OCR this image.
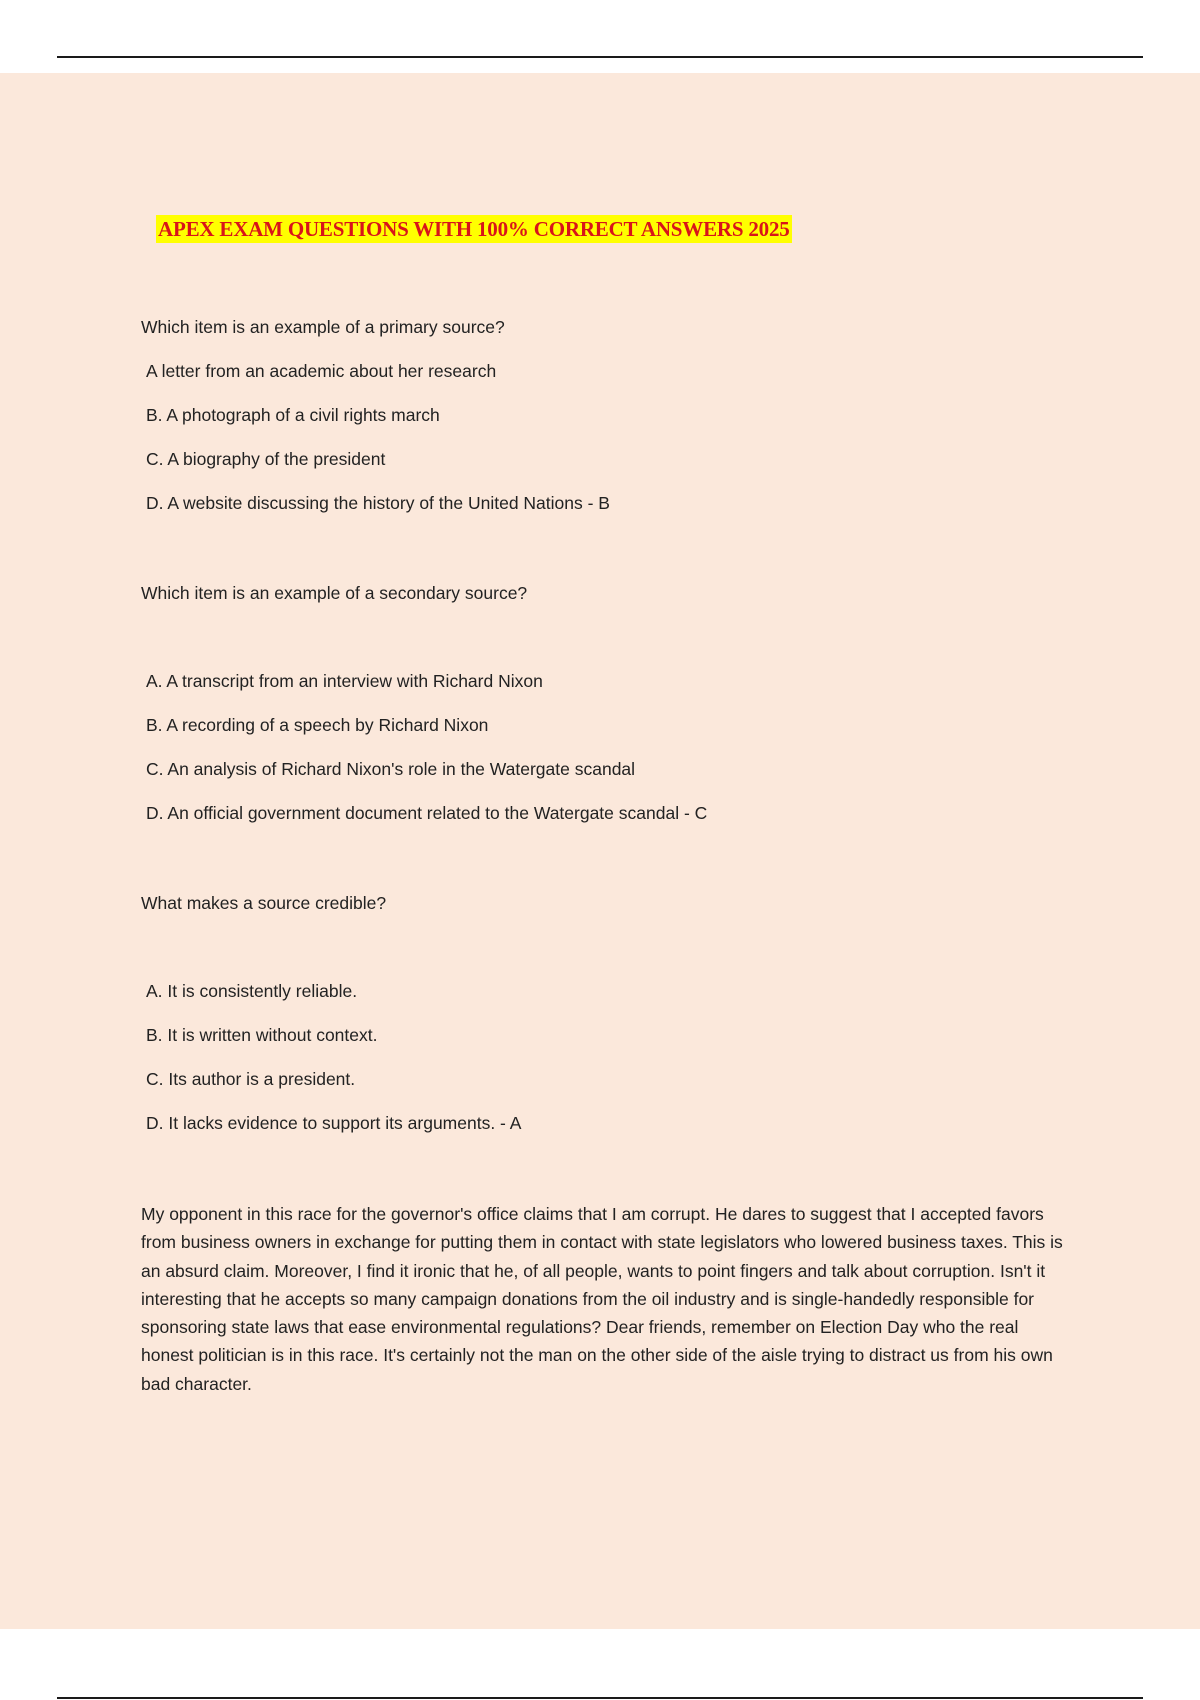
APEX EXAM QUESTIONS WITH 100% CORRECT ANSWERS 2025

Which item is an example of a primary source?

A letter from an academic about her research

B. A photograph of a civil rights march

C. A biography of the president

D. A website discussing the history of the United Nations - B

Which item is an example of a secondary source?

A. A transcript from an interview with Richard Nixon

B. A recording of a speech by Richard Nixon

C. An analysis of Richard Nixon's role in the Watergate scandal

D. An official government document related to the Watergate scandal - C

What makes a source credible?

A. It is consistently reliable.

B. It is written without context.

C. Its author is a president.

D. It lacks evidence to support its arguments. - A

My opponent in this race for the governor's office claims that I am corrupt. He dares to suggest that I accepted favors from business owners in exchange for putting them in contact with state legislators who lowered business taxes. This is an absurd claim. Moreover, I find it ironic that he, of all people, wants to point fingers and talk about corruption. Isn't it interesting that he accepts so many campaign donations from the oil industry and is single-handedly responsible for sponsoring state laws that ease environmental regulations? Dear friends, remember on Election Day who the real honest politician is in this race. It's certainly not the man on the other side of the aisle trying to distract us from his own bad character.
